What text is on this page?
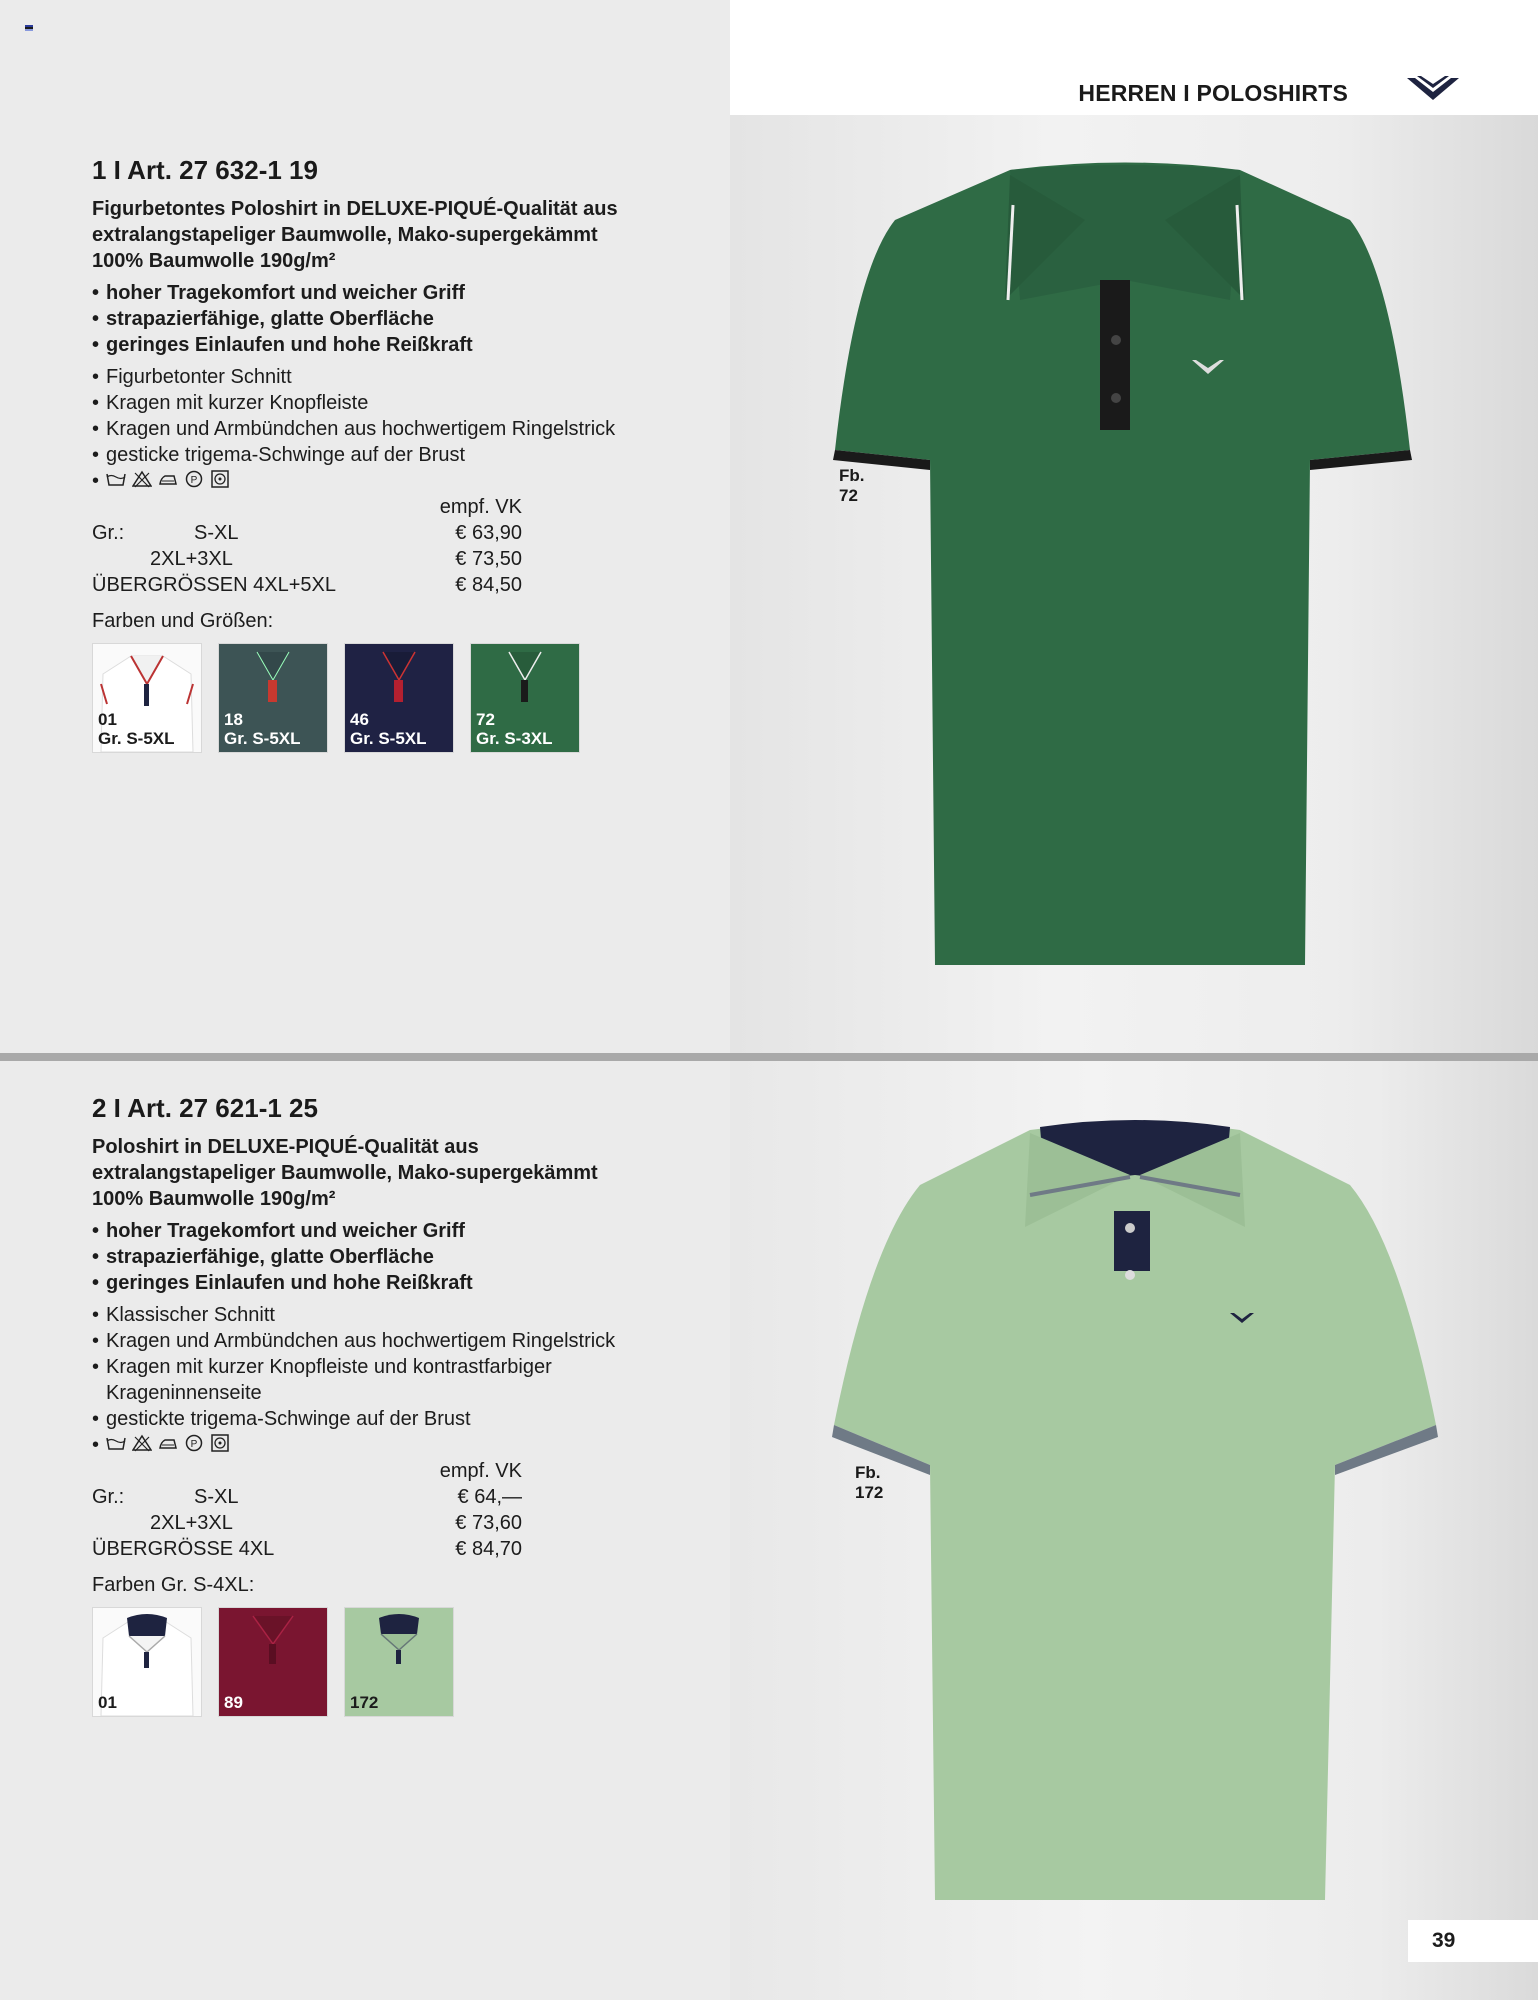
HERREN I POLOSHIRTS
1 I Art. 27 632-1 19

Figurbetontes Poloshirt in DELUXE-PIQUÉ-Qualität aus
extralangstapeliger Baumwolle, Mako-supergekämmt
100% Baumwolle 190g/m²

• hoher Tragekomfort und weicher Griff
• strapazierfähige, glatte Oberfläche
• geringes Einlaufen und hohe Reißkraft
• Figurbetonter Schnitt
• Kragen mit kurzer Knopfleiste
• Kragen und Armbündchen aus hochwertigem Ringelstrick
• gesticke trigema-Schwinge auf der Brust
• P
empf. VK
Gr.:	S-XL	€ 63,90
2XL+3XL	€ 73,50
ÜBERGRÖSSEN 4XL+5XL	€ 84,50
Farben und Größen:
01
Gr. S-5XL
18
Gr. S-5XL
46
Gr. S-5XL
72
Gr. S-3XL
Fb.
72
2 I Art. 27 621-1 25

Poloshirt in DELUXE-PIQUÉ-Qualität aus
extralangstapeliger Baumwolle, Mako-supergekämmt
100% Baumwolle 190g/m²

• hoher Tragekomfort und weicher Griff
• strapazierfähige, glatte Oberfläche
• geringes Einlaufen und hohe Reißkraft
• Klassischer Schnitt
• Kragen und Armbündchen aus hochwertigem Ringelstrick
• Kragen mit kurzer Knopfleiste und kontrastfarbiger
Krageninnenseite
• gestickte trigema-Schwinge auf der Brust
• P
empf. VK
Gr.:	S-XL	€ 64,—
2XL+3XL	€ 73,60
ÜBERGRÖSSE 4XL	€ 84,70
Farben Gr. S-4XL:
01	89	172
Fb.
172
39
